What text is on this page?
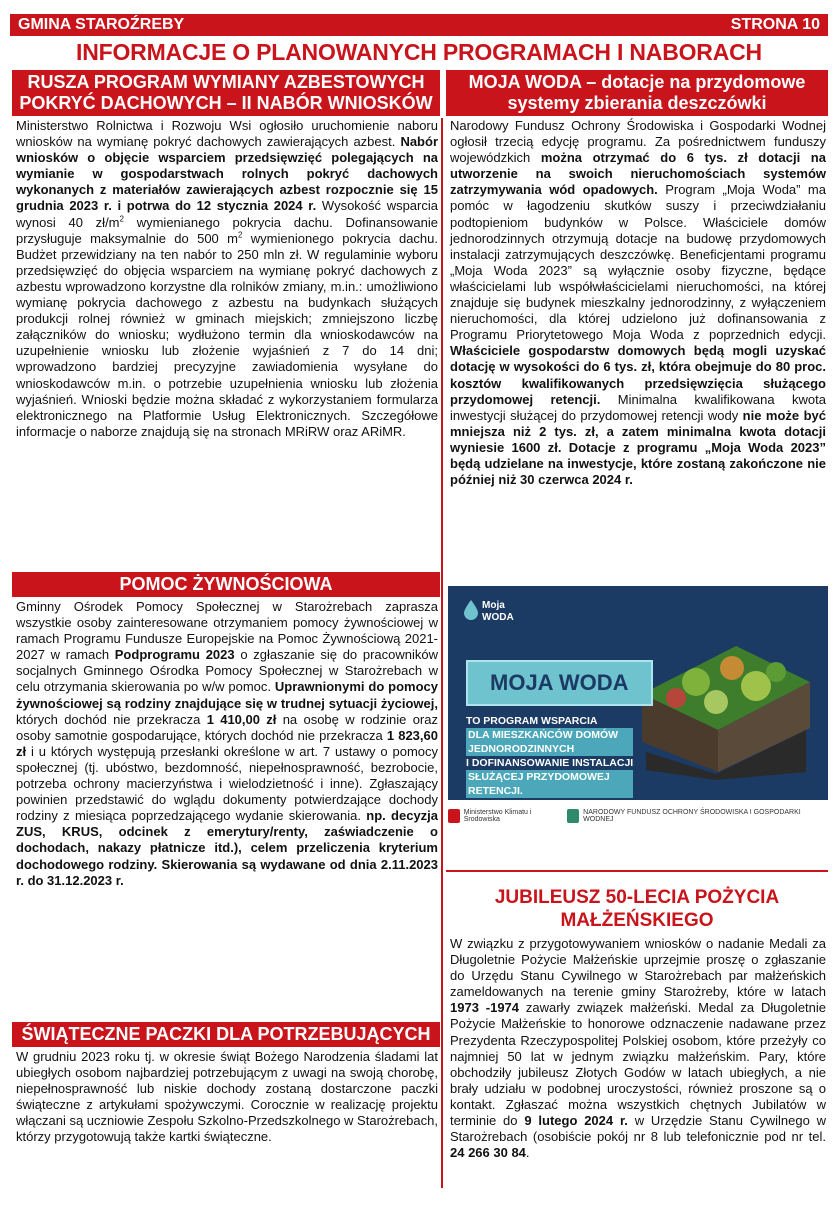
GMINA STAROŹREBY	STRONA 10
INFORMACJE O PLANOWANYCH PROGRAMACH I NABORACH
RUSZA PROGRAM WYMIANY AZBESTOWYCH
POKRYĆ DACHOWYCH – II NABÓR WNIOSKÓW
Ministerstwo Rolnictwa i Rozwoju Wsi ogłosiło uruchomienie naboru wniosków na wymianę pokryć dachowych zawierających azbest. Nabór wniosków o objęcie wsparciem przedsięwzięć polegających na wymianie w gospodarstwach rolnych pokryć dachowych wykonanych z materiałów zawierających azbest rozpocznie się 15 grudnia 2023 r. i potrwa do 12 stycznia 2024 r. Wysokość wsparcia wynosi 40 $zł/m^2$ wymienianego pokrycia dachu. Dofinansowanie przysługuje maksymalnie do 500 $m^2$ wymienionego pokrycia dachu. Budżet przewidziany na ten nabór to 250 mln zł. W regulaminie wyboru przedsięwzięć do objęcia wsparciem na wymianę pokryć dachowych z azbestu wprowadzono korzystne dla rolników zmiany, m.in.: umożliwiono wymianę pokrycia dachowego z azbestu na budynkach służących produkcji rolnej również w gminach miejskich; zmniejszono liczbę załączników do wniosku; wydłużono termin dla wnioskodawców na uzupełnienie wniosku lub złożenie wyjaśnień z 7 do 14 dni; wprowadzono bardziej precyzyjne zawiadomienia wysyłane do wnioskodawców m.in. o potrzebie uzupełnienia wniosku lub złożenia wyjaśnień. Wnioski będzie można składać z wykorzystaniem formularza elektronicznego na Platformie Usług Elektronicznych. Szczegółowe informacje o naborze znajdują się na stronach MRiRW oraz ARiMR.
POMOC ŻYWNOŚCIOWA
Gminny Ośrodek Pomocy Społecznej w Starożrebach zaprasza wszystkie osoby zainteresowane otrzymaniem pomocy żywnościowej w ramach Programu Fundusze Europejskie na Pomoc Żywnościową 2021-2027 w ramach Podprogramu 2023 o zgłaszanie się do pracowników socjalnych Gminnego Ośrodka Pomocy Społecznej w Starożrebach w celu otrzymania skierowania po w/w pomoc. Uprawnionymi do pomocy żywnościowej są rodziny znajdujące się w trudnej sytuacji życiowej, których dochód nie przekracza 1 410,00 zł na osobę w rodzinie oraz osoby samotnie gospodarujące, których dochód nie przekracza 1 823,60 zł i u których występują przesłanki określone w art. 7 ustawy o pomocy społecznej (tj. ubóstwo, bezdomność, niepełnosprawność, bezrobocie, potrzeba ochrony macierzyństwa i wielodzietność i inne). Zgłaszający powinien przedstawić do wglądu dokumenty potwierdzające dochody rodziny z miesiąca poprzedzającego wydanie skierowania. np. decyzja ZUS, KRUS, odcinek z emerytury/renty, zaświadczenie o dochodach, nakazy płatnicze itd.), celem przeliczenia kryterium dochodowego rodziny. Skierowania są wydawane od dnia 2.11.2023 r. do 31.12.2023 r.
ŚWIĄTECZNE PACZKI DLA POTRZEBUJĄCYCH
W grudniu 2023 roku tj. w okresie świąt Bożego Narodzenia śladami lat ubiegłych osobom najbardziej potrzebującym z uwagi na swoją chorobę, niepełnosprawność lub niskie dochody zostaną dostarczone paczki świąteczne z artykułami spożywczymi. Corocznie w realizację projektu włączani są uczniowie Zespołu Szkolno-Przedszkolnego w Starożrebach, którzy przygotowują także kartki świąteczne.
MOJA WODA – dotacje na przydomowe
systemy zbierania deszczówki
Narodowy Fundusz Ochrony Środowiska i Gospodarki Wodnej ogłosił trzecią edycję programu. Za pośrednictwem funduszy wojewódzkich można otrzymać do 6 tys. zł dotacji na utworzenie na swoich nieruchomościach systemów zatrzymywania wód opadowych. Program „Moja Woda” ma pomóc w łagodzeniu skutków suszy i przeciwdziałaniu podtopieniom budynków w Polsce. Właściciele domów jednorodzinnych otrzymują dotacje na budowę przydomowych instalacji zatrzymujących deszczówkę. Beneficjentami programu „Moja Woda 2023” są wyłącznie osoby fizyczne, będące właścicielami lub współwłaścicielami nieruchomości, na której znajduje się budynek mieszkalny jednorodzinny, z wyłączeniem nieruchomości, dla której udzielono już dofinansowania z Programu Priorytetowego Moja Woda z poprzednich edycji. Właściciele gospodarstw domowych będą mogli uzyskać dotację w wysokości do 6 tys. zł, która obejmuje do 80 proc. kosztów kwalifikowanych przedsięwzięcia służącego przydomowej retencji. Minimalna kwalifikowana kwota inwestycji służącej do przydomowej retencji wody nie może być mniejsza niż 2 tys. zł, a zatem minimalna kwota dotacji wyniesie 1600 zł. Dotacje z programu „Moja Woda 2023” będą udzielane na inwestycje, które zostaną zakończone nie później niż 30 czerwca 2024 r.
Moja
WODA
MOJA WODA
TO PROGRAM WSPARCIA
DLA MIESZKAŃCÓW DOMÓW
JEDNORODZINNYCH
I DOFINANSOWANIE INSTALACJI
SŁUŻĄCEJ PRZYDOMOWEJ
RETENCJI.
Ministerstwo Klimatu i Środowiska
NARODOWY FUNDUSZ OCHRONY ŚRODOWISKA I GOSPODARKI WODNEJ
JUBILEUSZ 50-LECIA POŻYCIA
MAŁŻEŃSKIEGO
W związku z przygotowywaniem wniosków o nadanie Medali za Długoletnie Pożycie Małżeńskie uprzejmie proszę o zgłaszanie do Urzędu Stanu Cywilnego w Starożrebach par małżeńskich zameldowanych na terenie gminy Starożreby, które w latach 1973 -1974 zawarły związek małżeński. Medal za Długoletnie Pożycie Małżeńskie to honorowe odznaczenie nadawane przez Prezydenta Rzeczypospolitej Polskiej osobom, które przeżyły co najmniej 50 lat w jednym związku małżeńskim. Pary, które obchodziły jubileusz Złotych Godów w latach ubiegłych, a nie brały udziału w podobnej uroczystości, również proszone są o kontakt. Zgłaszać można wszystkich chętnych Jubilatów w terminie do 9 lutego 2024 r. w Urzędzie Stanu Cywilnego w Starożrebach (osobiście pokój nr 8 lub telefonicznie pod nr tel. 24 266 30 84.
